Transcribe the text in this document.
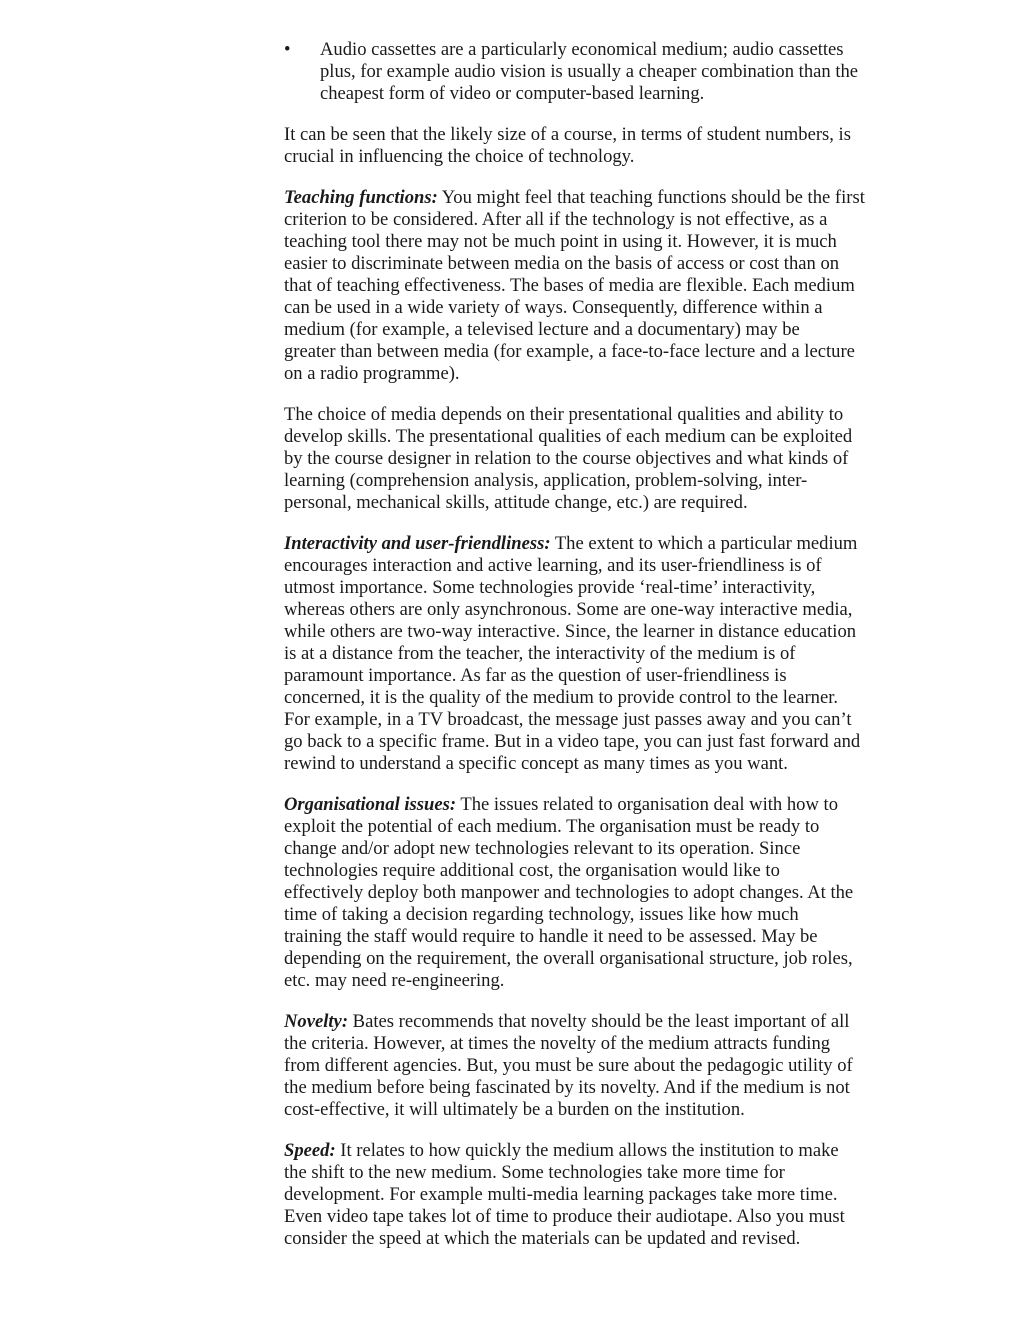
• Audio cassettes are a particularly economical medium; audio cassettes
plus, for example audio vision is usually a cheaper combination than the
cheapest form of video or computer-based learning.

It can be seen that the likely size of a course, in terms of student numbers, is
crucial in influencing the choice of technology.

Teaching functions: You might feel that teaching functions should be the first
criterion to be considered. After all if the technology is not effective, as a
teaching tool there may not be much point in using it. However, it is much
easier to discriminate between media on the basis of access or cost than on
that of teaching effectiveness. The bases of media are flexible. Each medium
can be used in a wide variety of ways. Consequently, difference within a
medium (for example, a televised lecture and a documentary) may be
greater than between media (for example, a face-to-face lecture and a lecture
on a radio programme).

The choice of media depends on their presentational qualities and ability to
develop skills. The presentational qualities of each medium can be exploited
by the course designer in relation to the course objectives and what kinds of
learning (comprehension analysis, application, problem-solving, inter-
personal, mechanical skills, attitude change, etc.) are required.

Interactivity and user-friendliness: The extent to which a particular medium
encourages interaction and active learning, and its user-friendliness is of
utmost importance. Some technologies provide ‘real-time’ interactivity,
whereas others are only asynchronous. Some are one-way interactive media,
while others are two-way interactive. Since, the learner in distance education
is at a distance from the teacher, the interactivity of the medium is of
paramount importance. As far as the question of user-friendliness is
concerned, it is the quality of the medium to provide control to the learner.
For example, in a TV broadcast, the message just passes away and you can’t
go back to a specific frame. But in a video tape, you can just fast forward and
rewind to understand a specific concept as many times as you want.

Organisational issues: The issues related to organisation deal with how to
exploit the potential of each medium. The organisation must be ready to
change and/or adopt new technologies relevant to its operation. Since
technologies require additional cost, the organisation would like to
effectively deploy both manpower and technologies to adopt changes. At the
time of taking a decision regarding technology, issues like how much
training the staff would require to handle it need to be assessed. May be
depending on the requirement, the overall organisational structure, job roles,
etc. may need re-engineering.

Novelty: Bates recommends that novelty should be the least important of all
the criteria. However, at times the novelty of the medium attracts funding
from different agencies. But, you must be sure about the pedagogic utility of
the medium before being fascinated by its novelty. And if the medium is not
cost-effective, it will ultimately be a burden on the institution.

Speed: It relates to how quickly the medium allows the institution to make
the shift to the new medium. Some technologies take more time for
development. For example multi-media learning packages take more time.
Even video tape takes lot of time to produce their audiotape. Also you must
consider the speed at which the materials can be updated and revised.
